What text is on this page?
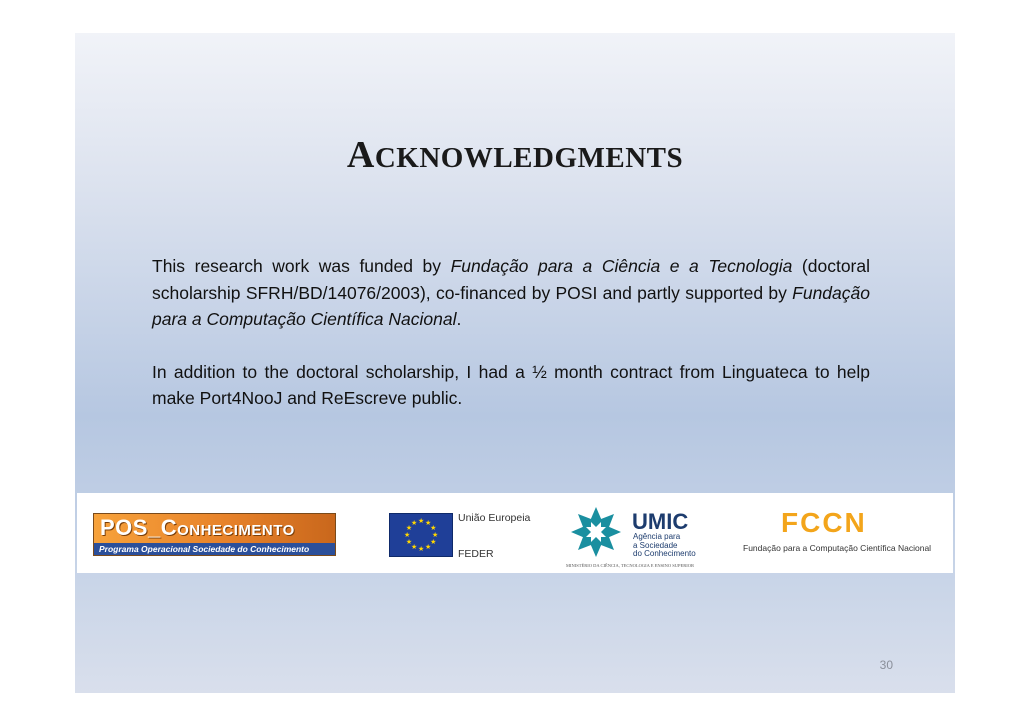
ACKNOWLEDGMENTS

This research work was funded by Fundação para a Ciência e a Tecnologia (doctoral scholarship SFRH/BD/14076/2003), co-financed by POSI and partly supported by Fundação para a Computação Científica Nacional.

In addition to the doctoral scholarship, I had a ½ month contract from Linguateca to help make Port4NooJ and ReEscreve public.

POS_CONHECIMENTO
Programa Operacional Sociedade do Conhecimento
★
★
★
★
★
★
★
★
★ ★ ★
★
União Europeia
FEDER
UMIC
Agência para
a Sociedade
do Conhecimento
MINISTÉRIO DA CIÊNCIA, TECNOLOGIA E ENSINO SUPERIOR
FCCN
Fundação para a Computação Científica Nacional
30
